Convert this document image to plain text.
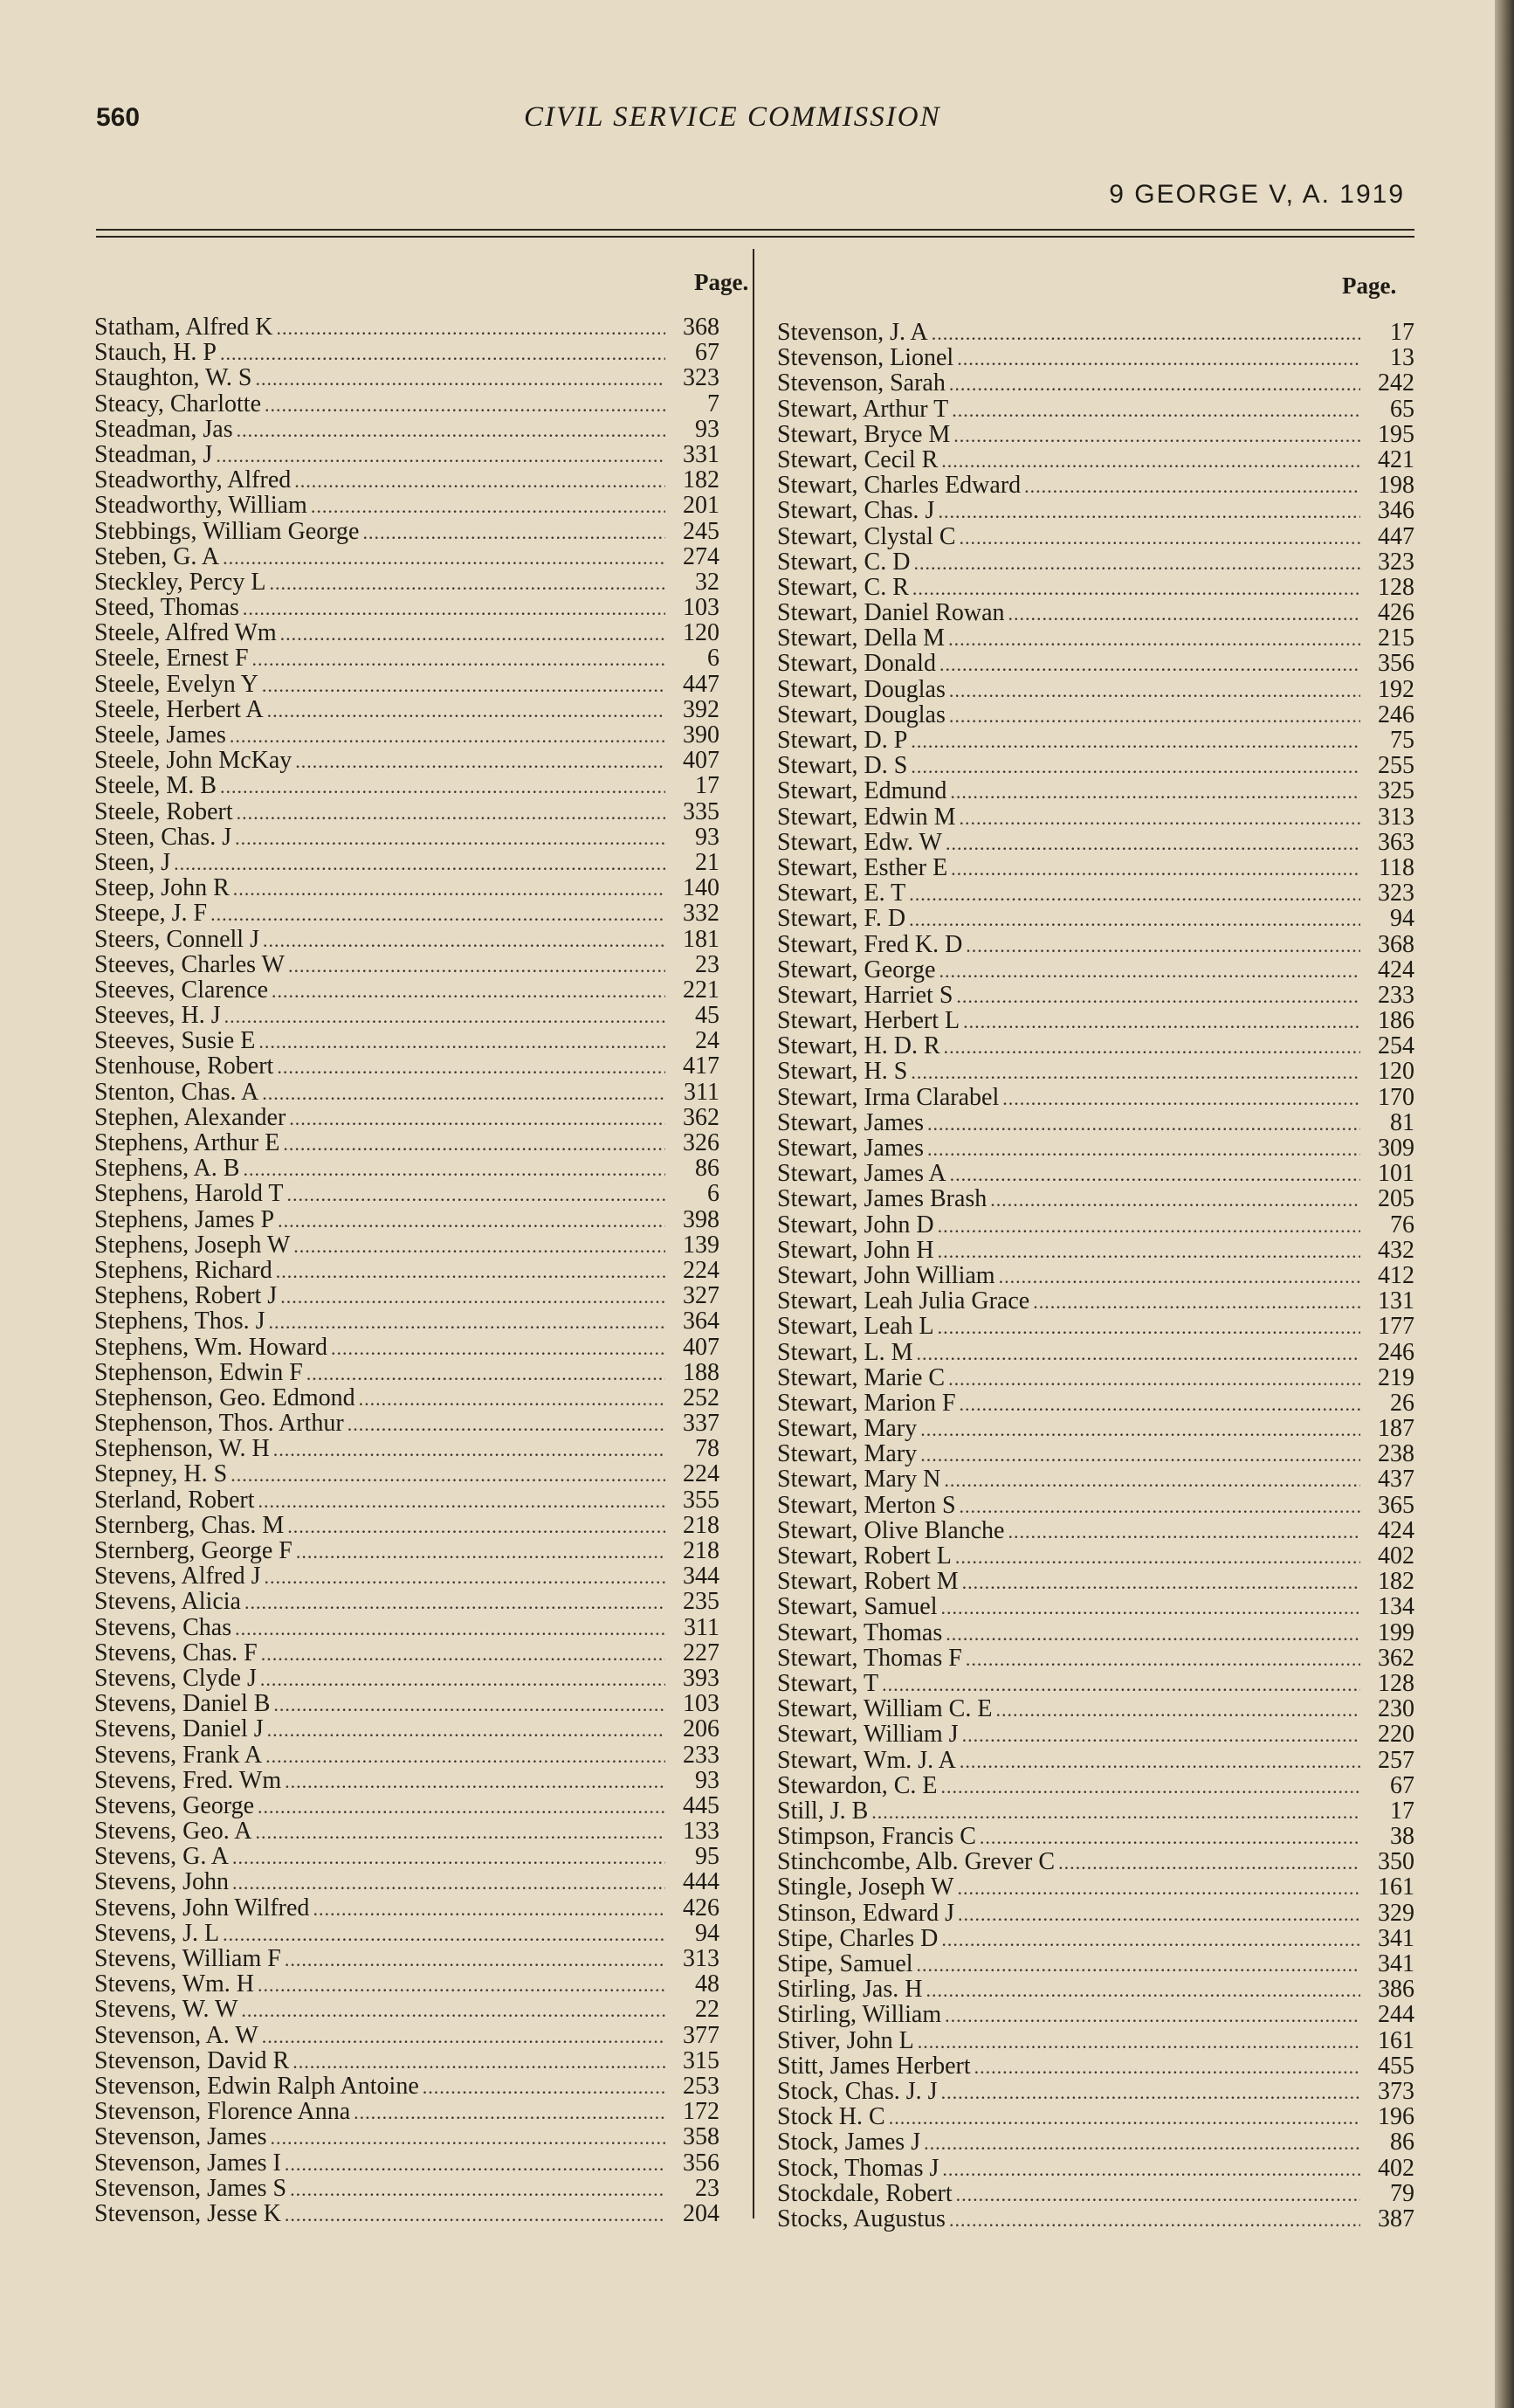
560	CIVIL SERVICE COMMISSION
9 GEORGE V, A. 1919
Page.	Page.
Statham, Alfred K .....	368
Stauch, H. P .....	67
Staughton, W. S .....	323
Steacy, Charlotte .....	7
Steadman, Jas .....	93
Steadman, J .....	331
Steadworthy, Alfred .....	182
Steadworthy, William .....	201
Stebbings, William George .....	245
Steben, G. A .....	274
Steckley, Percy L .....	32
Steed, Thomas .....	103
Steele, Alfred Wm .....	120
Steele, Ernest F .....	6
Steele, Evelyn Y .....	447
Steele, Herbert A .....	392
Steele, James .....	390
Steele, John McKay .....	407
Steele, M. B .....	17
Steele, Robert .....	335
Steen, Chas. J .....	93
Steen, J .....	21
Steep, John R .....	140
Steepe, J. F .....	332
Steers, Connell J .....	181
Steeves, Charles W .....	23
Steeves, Clarence .....	221
Steeves, H. J .....	45
Steeves, Susie E .....	24
Stenhouse, Robert .....	417
Stenton, Chas. A .....	311
Stephen, Alexander .....	362
Stephens, Arthur E .....	326
Stephens, A. B .....	86
Stephens, Harold T .....	6
Stephens, James P .....	398
Stephens, Joseph W .....	139
Stephens, Richard .....	224
Stephens, Robert J .....	327
Stephens, Thos. J .....	364
Stephens, Wm. Howard .....	407
Stephenson, Edwin F .....	188
Stephenson, Geo. Edmond .....	252
Stephenson, Thos. Arthur .....	337
Stephenson, W. H .....	78
Stepney, H. S .....	224
Sterland, Robert .....	355
Sternberg, Chas. M .....	218
Sternberg, George F .....	218
Stevens, Alfred J .....	344
Stevens, Alicia .....	235
Stevens, Chas .....	311
Stevens, Chas. F .....	227
Stevens, Clyde J .....	393
Stevens, Daniel B .....	103
Stevens, Daniel J .....	206
Stevens, Frank A .....	233
Stevens, Fred. Wm .....	93
Stevens, George .....	445
Stevens, Geo. A .....	133
Stevens, G. A .....	95
Stevens, John .....	444
Stevens, John Wilfred .....	426
Stevens, J. L .....	94
Stevens, William F .....	313
Stevens, Wm. H .....	48
Stevens, W. W .....	22
Stevenson, A. W .....	377
Stevenson, David R .....	315
Stevenson, Edwin Ralph Antoine .....	253
Stevenson, Florence Anna .....	172
Stevenson, James .....	358
Stevenson, James I .....	356
Stevenson, James S .....	23
Stevenson, Jesse K .....	204
Stevenson, J. A .....	17
Stevenson, Lionel .....	13
Stevenson, Sarah .....	242
Stewart, Arthur T .....	65
Stewart, Bryce M .....	195
Stewart, Cecil R .....	421
Stewart, Charles Edward .....	198
Stewart, Chas. J .....	346
Stewart, Clystal C .....	447
Stewart, C. D .....	323
Stewart, C. R .....	128
Stewart, Daniel Rowan .....	426
Stewart, Della M .....	215
Stewart, Donald .....	356
Stewart, Douglas .....	192
Stewart, Douglas .....	246
Stewart, D. P .....	75
Stewart, D. S .....	255
Stewart, Edmund .....	325
Stewart, Edwin M .....	313
Stewart, Edw. W .....	363
Stewart, Esther E .....	118
Stewart, E. T .....	323
Stewart, F. D .....	94
Stewart, Fred K. D .....	368
Stewart, George .....	424
Stewart, Harriet S .....	233
Stewart, Herbert L .....	186
Stewart, H. D. R .....	254
Stewart, H. S .....	120
Stewart, Irma Clarabel .....	170
Stewart, James .....	81
Stewart, James .....	309
Stewart, James A .....	101
Stewart, James Brash .....	205
Stewart, John D .....	76
Stewart, John H .....	432
Stewart, John William .....	412
Stewart, Leah Julia Grace .....	131
Stewart, Leah L .....	177
Stewart, L. M .....	246
Stewart, Marie C .....	219
Stewart, Marion F .....	26
Stewart, Mary .....	187
Stewart, Mary .....	238
Stewart, Mary N .....	437
Stewart, Merton S .....	365
Stewart, Olive Blanche .....	424
Stewart, Robert L .....	402
Stewart, Robert M .....	182
Stewart, Samuel .....	134
Stewart, Thomas .....	199
Stewart, Thomas F .....	362
Stewart, T .....	128
Stewart, William C. E .....	230
Stewart, William J .....	220
Stewart, Wm. J. A .....	257
Stewardon, C. E .....	67
Still, J. B .....	17
Stimpson, Francis C .....	38
Stinchcombe, Alb. Grever C .....	350
Stingle, Joseph W .....	161
Stinson, Edward J .....	329
Stipe, Charles D .....	341
Stipe, Samuel .....	341
Stirling, Jas. H .....	386
Stirling, William .....	244
Stiver, John L .....	161
Stitt, James Herbert .....	455
Stock, Chas. J. J .....	373
Stock H. C .....	196
Stock, James J .....	86
Stock, Thomas J .....	402
Stockdale, Robert .....	79
Stocks, Augustus .....	387
